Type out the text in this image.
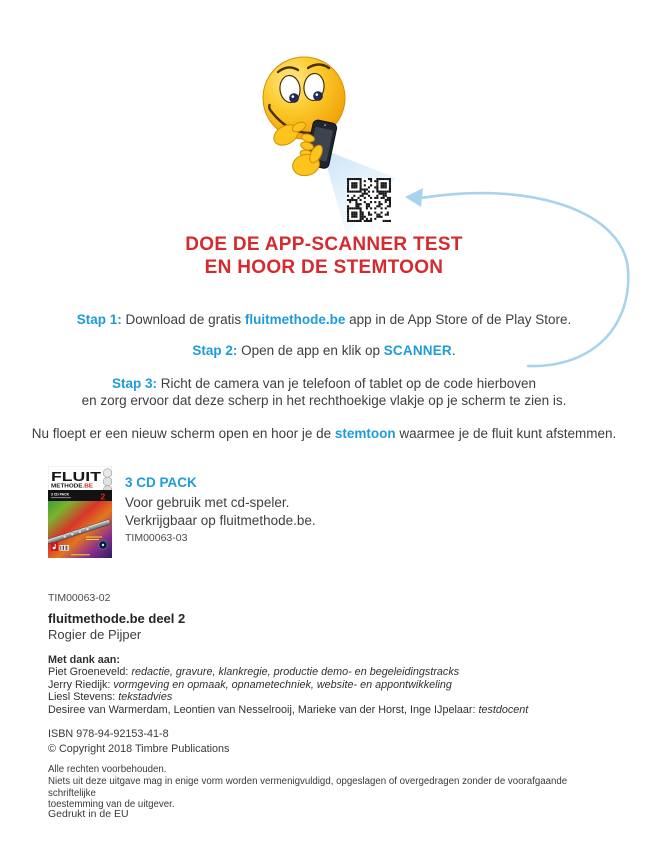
DOE DE APP-SCANNER TEST
EN HOOR DE STEMTOON

Stap 1: Download de gratis fluitmethode.be app in de App Store of de Play Store.

Stap 2: Open de app en klik op SCANNER.

Stap 3: Richt de camera van je telefoon of tablet op de code hierboven
en zorg ervoor dat deze scherp in het rechthoekige vlakje op je scherm te zien is.

Nu floept er een nieuw scherm open en hoor je de stemtoon waarmee je de fluit kunt afstemmen.

FLUIT
METHODE .BE
3 CD PACK	2

3 CD PACK

Voor gebruik met cd-speler.

Verkrijgbaar op fluitmethode.be.

TIM00063-03
TIM00063-02
fluitmethode.be deel 2
Rogier de Pijper
Met dank aan:
Piet Groeneveld: redactie, gravure, klankregie, productie demo- en begeleidingstracks
Jerry Riedijk: vormgeving en opmaak, opnametechniek, website- en appontwikkeling
Liesl Stevens: tekstadvies
Desiree van Warmerdam, Leontien van Nesselrooij, Marieke van der Horst, Inge IJpelaar: testdocent
ISBN 978-94-92153-41-8
© Copyright 2018 Timbre Publications
Alle rechten voorbehouden.
Niets uit deze uitgave mag in enige vorm worden vermenigvuldigd, opgeslagen of overgedragen zonder de voorafgaande schriftelijke
toestemming van de uitgever.
Gedrukt in de EU
